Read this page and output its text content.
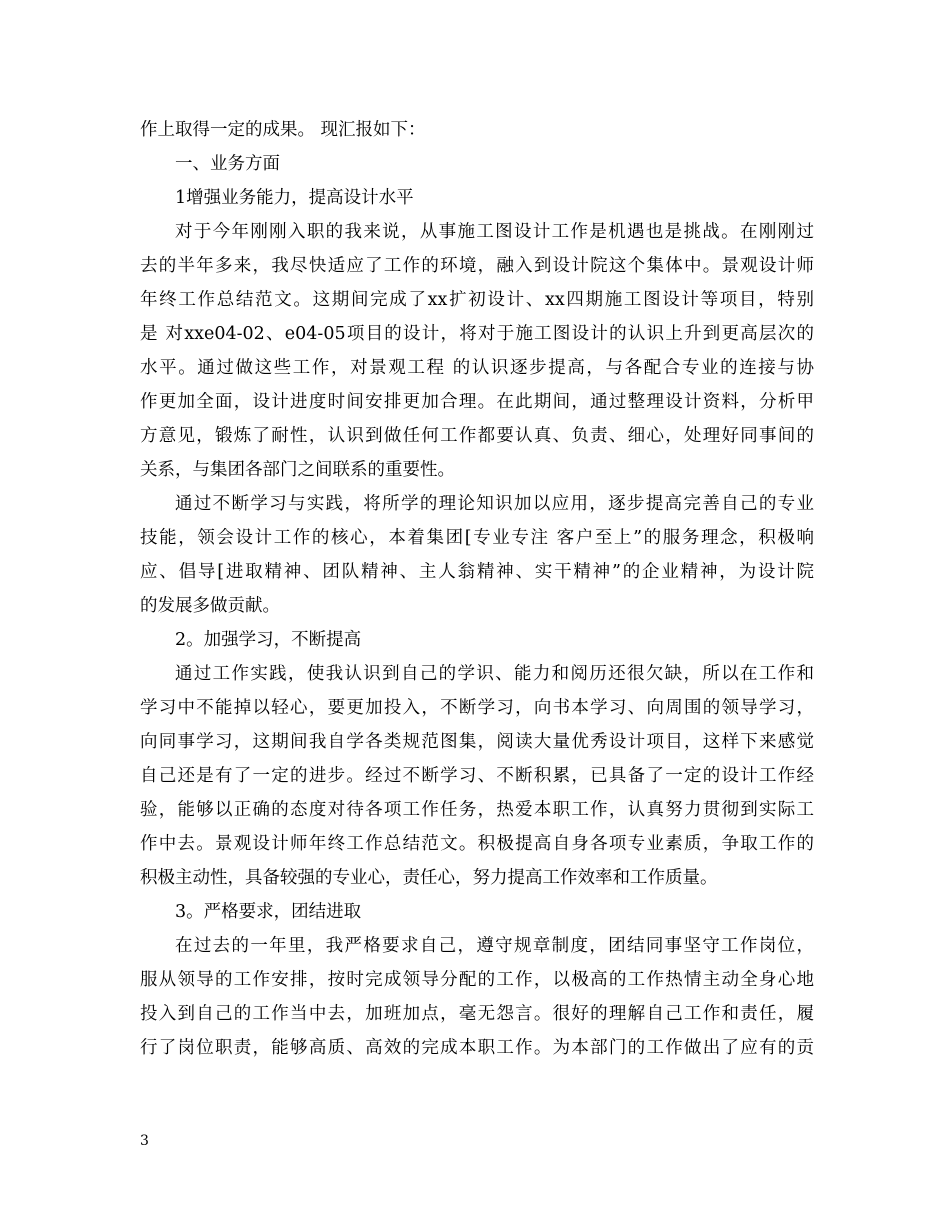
作上取得一定的成果。 现汇报如下：
一、业务方面
1增强业务能力，提高设计水平
对于今年刚刚入职的我来说，从事施工图设计工作是机遇也是挑战。在刚刚过
去的半年多来，我尽快适应了工作的环境，融入到设计院这个集体中。景观设计师
年终工作总结范文。这期间完成了xx扩初设计、xx四期施工图设计等项目，特别
是 对xxe04-02、e04-05项目的设计，将对于施工图设计的认识上升到更高层次的
水平。通过做这些工作，对景观工程 的认识逐步提高，与各配合专业的连接与协
作更加全面，设计进度时间安排更加合理。在此期间，通过整理设计资料，分析甲
方意见，锻炼了耐性，认识到做任何工作都要认真、负责、细心，处理好同事间的
关系，与集团各部门之间联系的重要性。
通过不断学习与实践，将所学的理论知识加以应用，逐步提高完善自己的专业
技能，领会设计工作的核心，本着集团[专业专注 客户至上”的服务理念，积极响
应、倡导[进取精神、团队精神、主人翁精神、实干精神”的企业精神，为设计院
的发展多做贡献。
2。加强学习，不断提高
通过工作实践，使我认识到自己的学识、能力和阅历还很欠缺，所以在工作和
学习中不能掉以轻心，要更加投入，不断学习，向书本学习、向周围的领导学习，
向同事学习，这期间我自学各类规范图集，阅读大量优秀设计项目，这样下来感觉
自己还是有了一定的进步。经过不断学习、不断积累，已具备了一定的设计工作经
验，能够以正确的态度对待各项工作任务，热爱本职工作，认真努力贯彻到实际工
作中去。景观设计师年终工作总结范文。积极提高自身各项专业素质，争取工作的
积极主动性，具备较强的专业心，责任心，努力提高工作效率和工作质量。
3。严格要求，团结进取
在过去的一年里，我严格要求自己，遵守规章制度，团结同事坚守工作岗位，
服从领导的工作安排，按时完成领导分配的工作，以极高的工作热情主动全身心地
投入到自己的工作当中去，加班加点，毫无怨言。很好的理解自己工作和责任，履
行了岗位职责，能够高质、高效的完成本职工作。为本部门的工作做出了应有的贡
3
